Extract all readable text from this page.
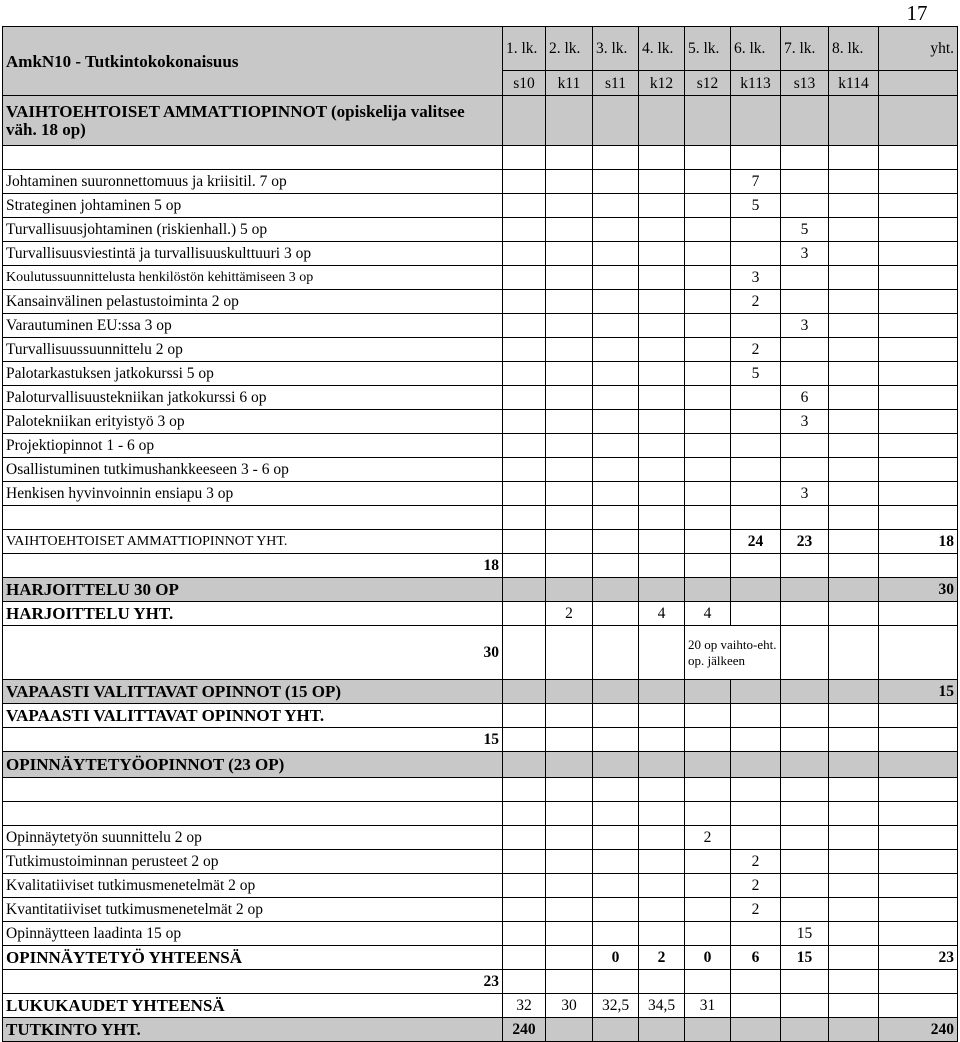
17
AmkN10 - Tutkintokokonaisuus	1. lk.	2. lk.	3. lk.	4. lk.	5. lk.	6. lk.	7. lk.	8. lk.	yht.
	s10	k11	s11	k12	s12	k113	s13	k114	
VAIHTOEHTOISET AMMATTIOPINNOT (opiskelija valitsee väh. 18 op)									

Johtaminen suuronnettomuus ja kriisitil. 7 op						7			
Strateginen johtaminen 5 op						5			
Turvallisuusjohtaminen (riskienhall.) 5 op							5		
Turvallisuusviestintä ja turvallisuuskulttuuri 3 op							3		
Koulutussuunnittelusta henkilöstön kehittämiseen 3 op						3			
Kansainvälinen pelastustoiminta 2 op						2			
Varautuminen EU:ssa 3 op							3		
Turvallisuussuunnittelu 2 op						2			
Palotarkastuksen jatkokurssi 5 op						5			
Paloturvallisuustekniikan jatkokurssi 6 op							6		
Palotekniikan erityistyö 3 op							3		
Projektiopinnot 1 - 6 op									
Osallistuminen tutkimushankkeeseen 3 - 6 op									
Henkisen hyvinvoinnin ensiapu 3 op							3		

VAIHTOEHTOISET AMMATTIOPINNOT YHT.						24	23		18
18									
HARJOITTELU 30 OP									30
HARJOITTELU YHT.		2		4	4				
30					20 op vaihto-eht. op. jälkeen				
VAPAASTI VALITTAVAT OPINNOT (15 OP)									15
VAPAASTI VALITTAVAT OPINNOT YHT.									
15									
OPINNÄYTETYÖOPINNOT (23 OP)									

Opinnäytetyön suunnittelu 2 op					2				
Tutkimustoiminnan perusteet 2 op						2			
Kvalitatiiviset tutkimusmenetelmät 2 op						2			
Kvantitatiiviset tutkimusmenetelmät 2 op						2			
Opinnäytteen laadinta 15 op							15		
OPINNÄYTETYÖ YHTEENSÄ			0	2	0	6	15		23
23									
LUKUKAUDET YHTEENSÄ	32	30	32,5	34,5	31				
TUTKINTO YHT.	240								240
